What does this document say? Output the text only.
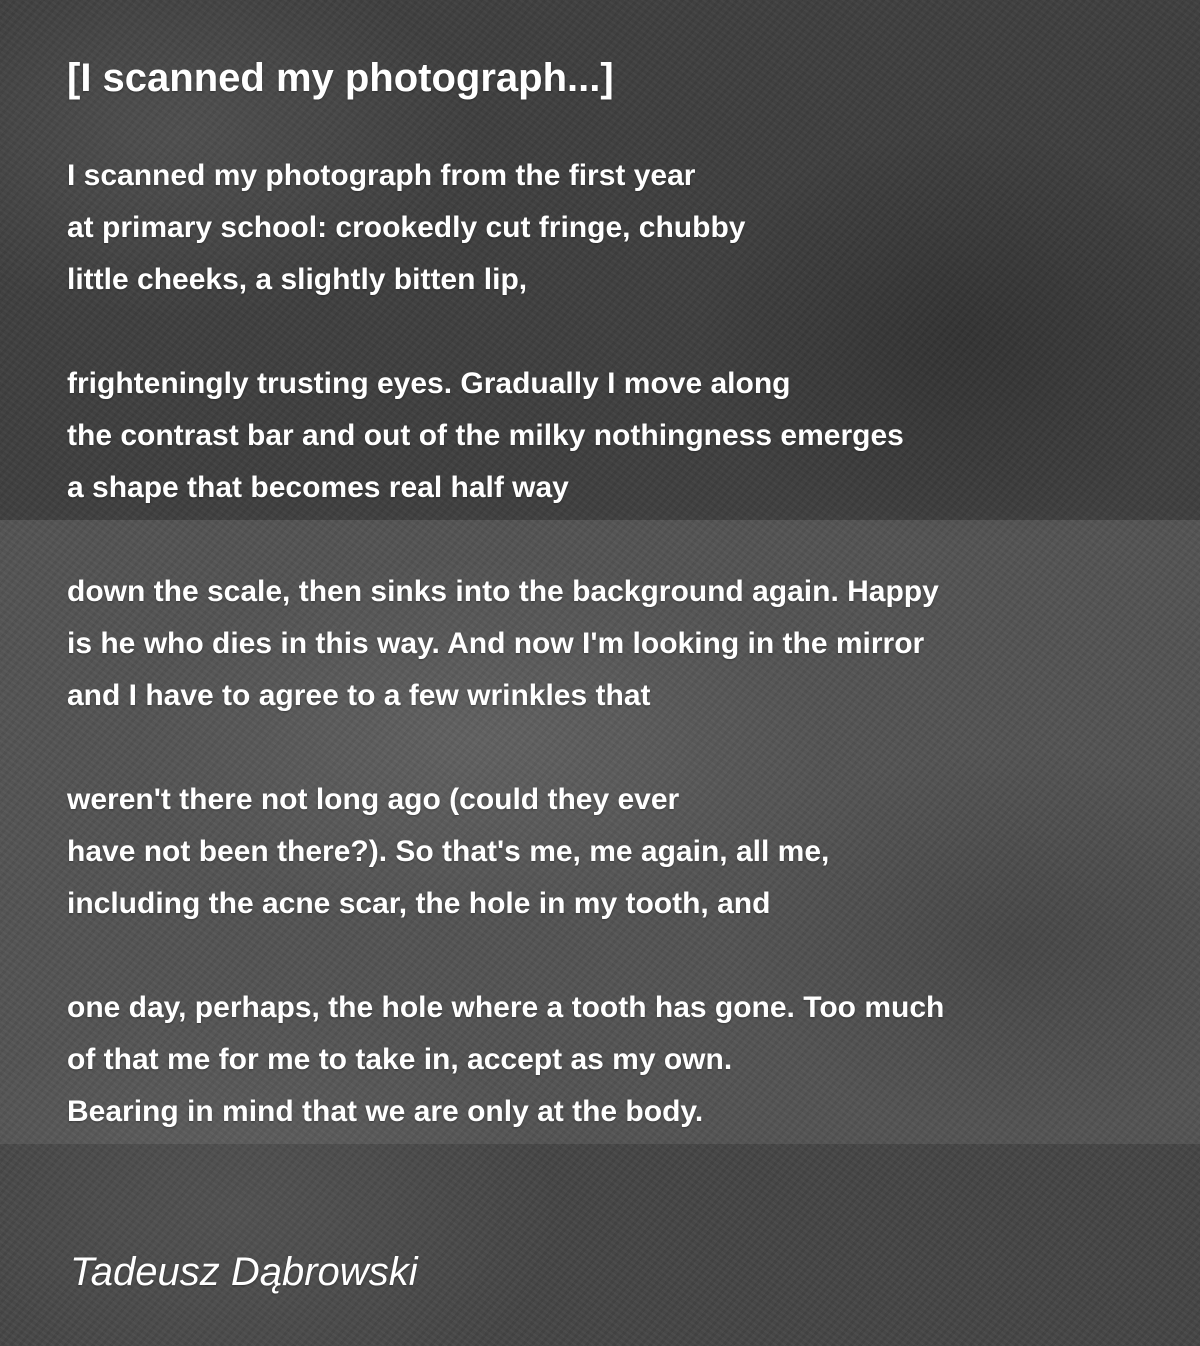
[I scanned my photograph...]

I scanned my photograph from the first year
at primary school: crookedly cut fringe, chubby
little cheeks, a slightly bitten lip,

frighteningly trusting eyes. Gradually I move along
the contrast bar and out of the milky nothingness emerges
a shape that becomes real half way

down the scale, then sinks into the background again. Happy
is he who dies in this way. And now I'm looking in the mirror
and I have to agree to a few wrinkles that

weren't there not long ago (could they ever
have not been there?). So that's me, me again, all me,
including the acne scar, the hole in my tooth, and

one day, perhaps, the hole where a tooth has gone. Too much
of that me for me to take in, accept as my own.
Bearing in mind that we are only at the body.

Tadeusz Dąbrowski
